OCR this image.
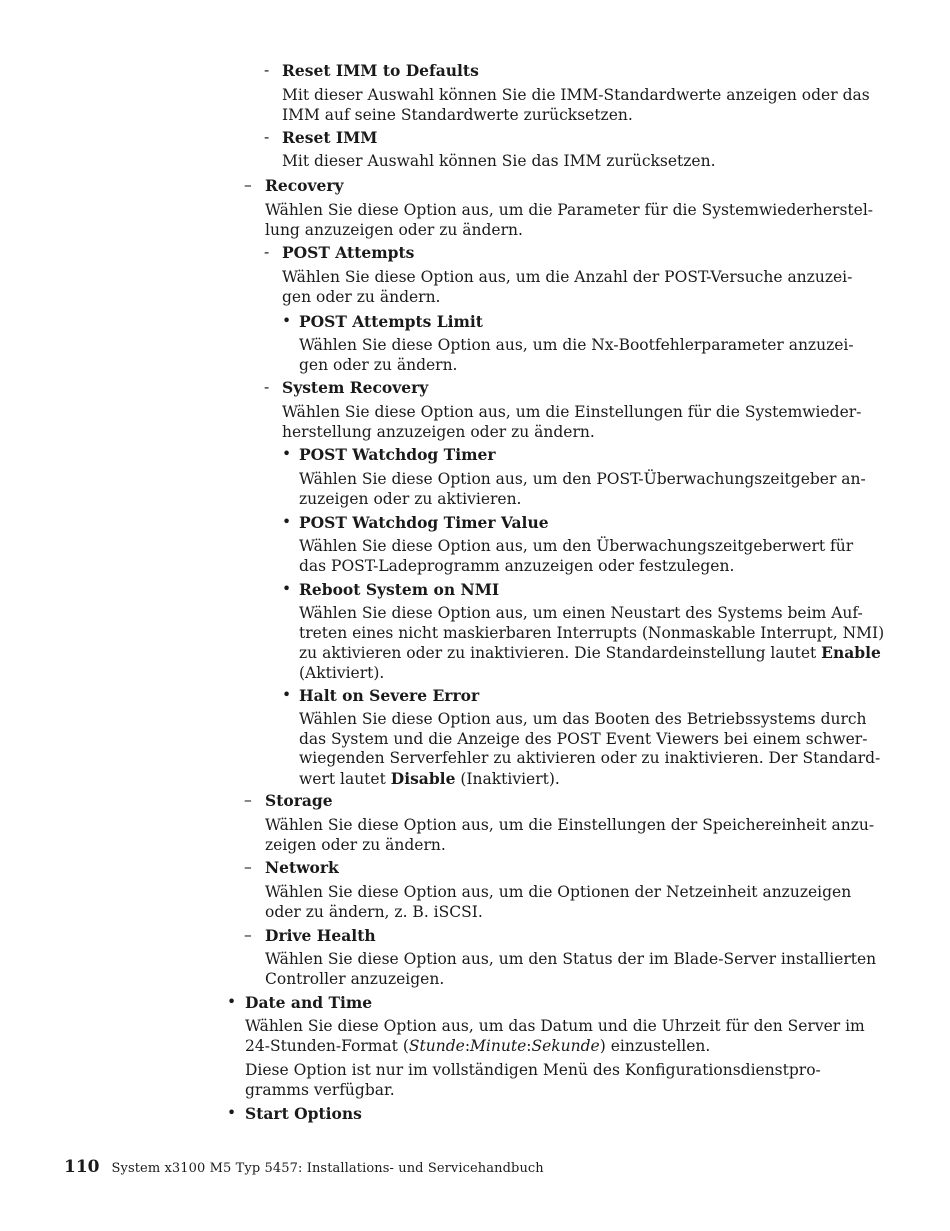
- Reset IMM to Defaults
Mit dieser Auswahl können Sie die IMM-Standardwerte anzeigen oder das
IMM auf seine Standardwerte zurücksetzen.
- Reset IMM
Mit dieser Auswahl können Sie das IMM zurücksetzen.
– Recovery
Wählen Sie diese Option aus, um die Parameter für die Systemwiederherstel-
lung anzuzeigen oder zu ändern.
- POST Attempts
Wählen Sie diese Option aus, um die Anzahl der POST-Versuche anzuzei-
gen oder zu ändern.
• POST Attempts Limit
Wählen Sie diese Option aus, um die Nx-Bootfehlerparameter anzuzei-
gen oder zu ändern.
- System Recovery
Wählen Sie diese Option aus, um die Einstellungen für die Systemwieder-
herstellung anzuzeigen oder zu ändern.
• POST Watchdog Timer
Wählen Sie diese Option aus, um den POST-Überwachungszeitgeber an-
zuzeigen oder zu aktivieren.
• POST Watchdog Timer Value
Wählen Sie diese Option aus, um den Überwachungszeitgeberwert für
das POST-Ladeprogramm anzuzeigen oder festzulegen.
• Reboot System on NMI
Wählen Sie diese Option aus, um einen Neustart des Systems beim Auf-
treten eines nicht maskierbaren Interrupts (Nonmaskable Interrupt, NMI)
zu aktivieren oder zu inaktivieren. Die Standardeinstellung lautet Enable
(Aktiviert).
• Halt on Severe Error
Wählen Sie diese Option aus, um das Booten des Betriebssystems durch
das System und die Anzeige des POST Event Viewers bei einem schwer-
wiegenden Serverfehler zu aktivieren oder zu inaktivieren. Der Standard-
wert lautet Disable (Inaktiviert).
– Storage
Wählen Sie diese Option aus, um die Einstellungen der Speichereinheit anzu-
zeigen oder zu ändern.
– Network
Wählen Sie diese Option aus, um die Optionen der Netzeinheit anzuzeigen
oder zu ändern, z. B. iSCSI.
– Drive Health
Wählen Sie diese Option aus, um den Status der im Blade-Server installierten
Controller anzuzeigen.
• Date and Time
Wählen Sie diese Option aus, um das Datum und die Uhrzeit für den Server im
24-Stunden-Format (Stunde:Minute:Sekunde) einzustellen.
Diese Option ist nur im vollständigen Menü des Konfigurationsdienstpro-
gramms verfügbar.
• Start Options
110 System x3100 M5 Typ 5457: Installations- und Servicehandbuch
